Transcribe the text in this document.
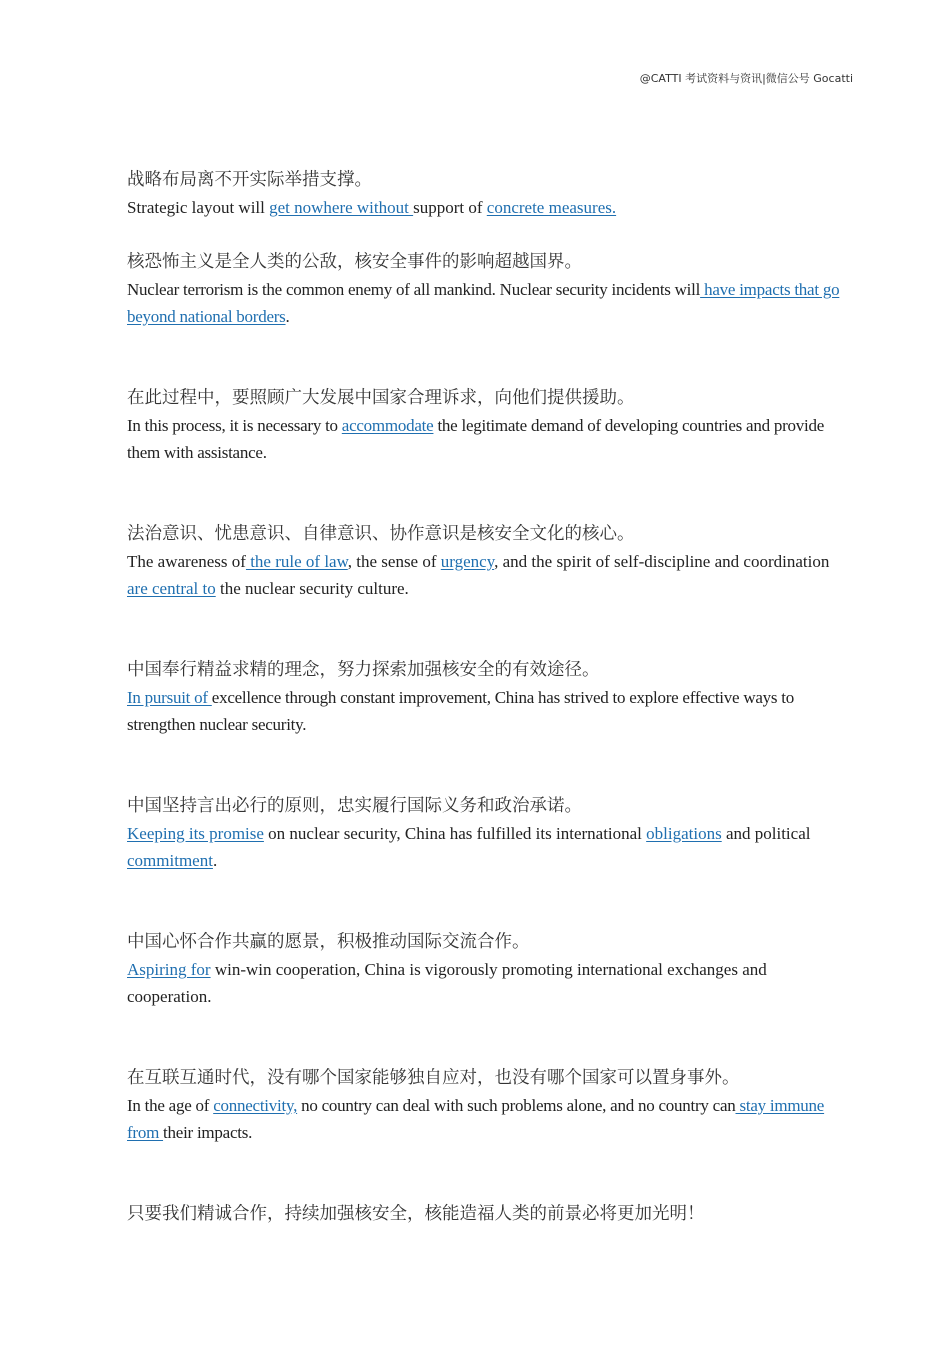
@CATTI 考试资料与资讯|微信公号 Gocatti
战略布局离不开实际举措支撑。
Strategic layout will get nowhere without support of concrete measures.
核恐怖主义是全人类的公敌，核安全事件的影响超越国界。
Nuclear terrorism is the common enemy of all mankind. Nuclear security incidents will have impacts that go beyond national borders.
在此过程中，要照顾广大发展中国家合理诉求，向他们提供援助。
In this process, it is necessary to accommodate the legitimate demand of developing countries and provide them with assistance.
法治意识、忧患意识、自律意识、协作意识是核安全文化的核心。
The awareness of the rule of law, the sense of urgency, and the spirit of self-discipline and coordination are central to the nuclear security culture.
中国奉行精益求精的理念，努力探索加强核安全的有效途径。
In pursuit of excellence through constant improvement, China has strived to explore effective ways to strengthen nuclear security.
中国坚持言出必行的原则，忠实履行国际义务和政治承诺。
Keeping its promise on nuclear security, China has fulfilled its international obligations and political commitment.
中国心怀合作共赢的愿景，积极推动国际交流合作。
Aspiring for win-win cooperation, China is vigorously promoting international exchanges and cooperation.
在互联互通时代，没有哪个国家能够独自应对，也没有哪个国家可以置身事外。
In the age of connectivity, no country can deal with such problems alone, and no country can stay immune from their impacts.
只要我们精诚合作，持续加强核安全，核能造福人类的前景必将更加光明！
